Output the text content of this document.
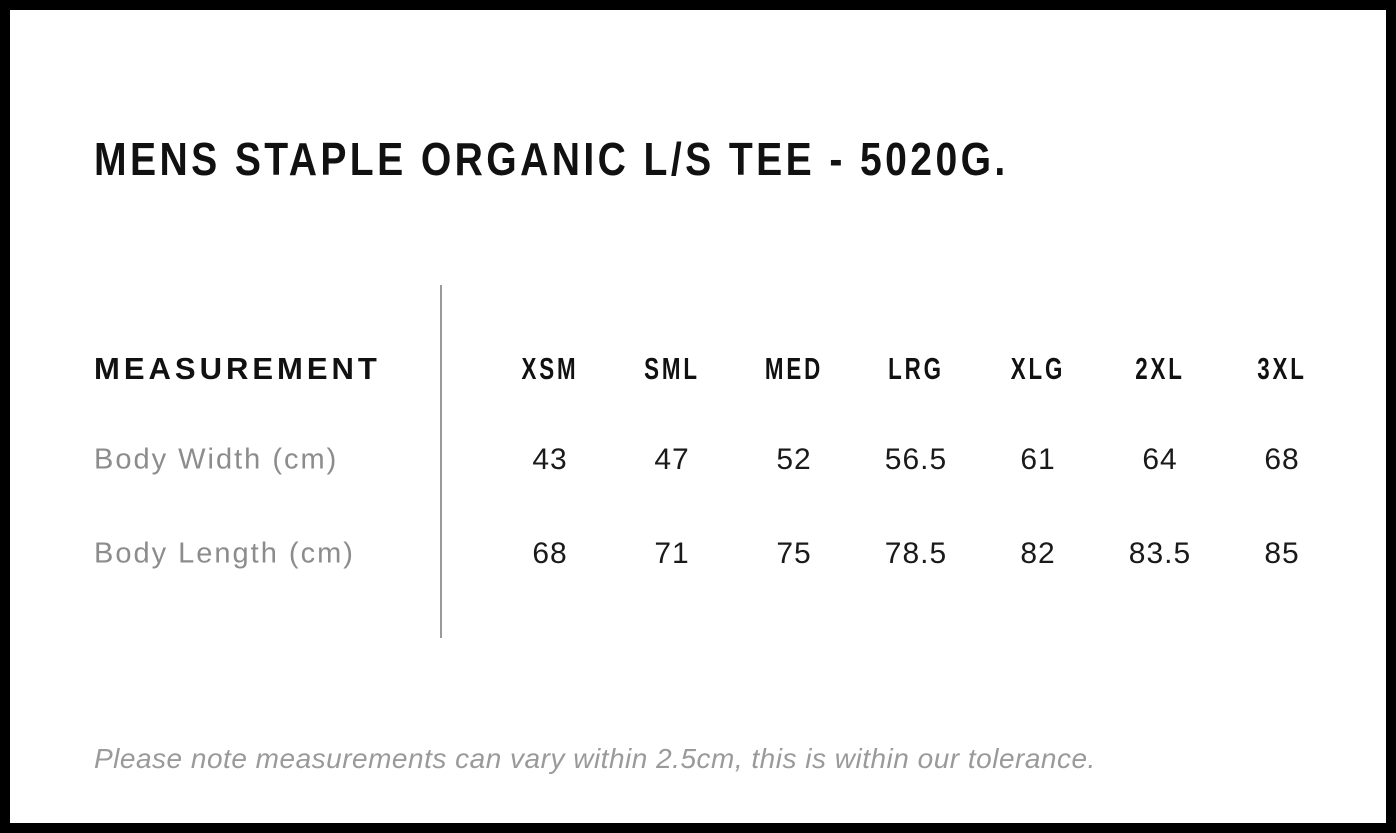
MENS STAPLE ORGANIC L/S TEE - 5020G.
MEASUREMENT	XSM	SML	MED	LRG	XLG	2XL	3XL
Body Width (cm)	43	47	52	56.5	61	64	68
Body Length (cm)	68	71	75	78.5	82	83.5	85

Please note measurements can vary within 2.5cm, this is within our tolerance.
